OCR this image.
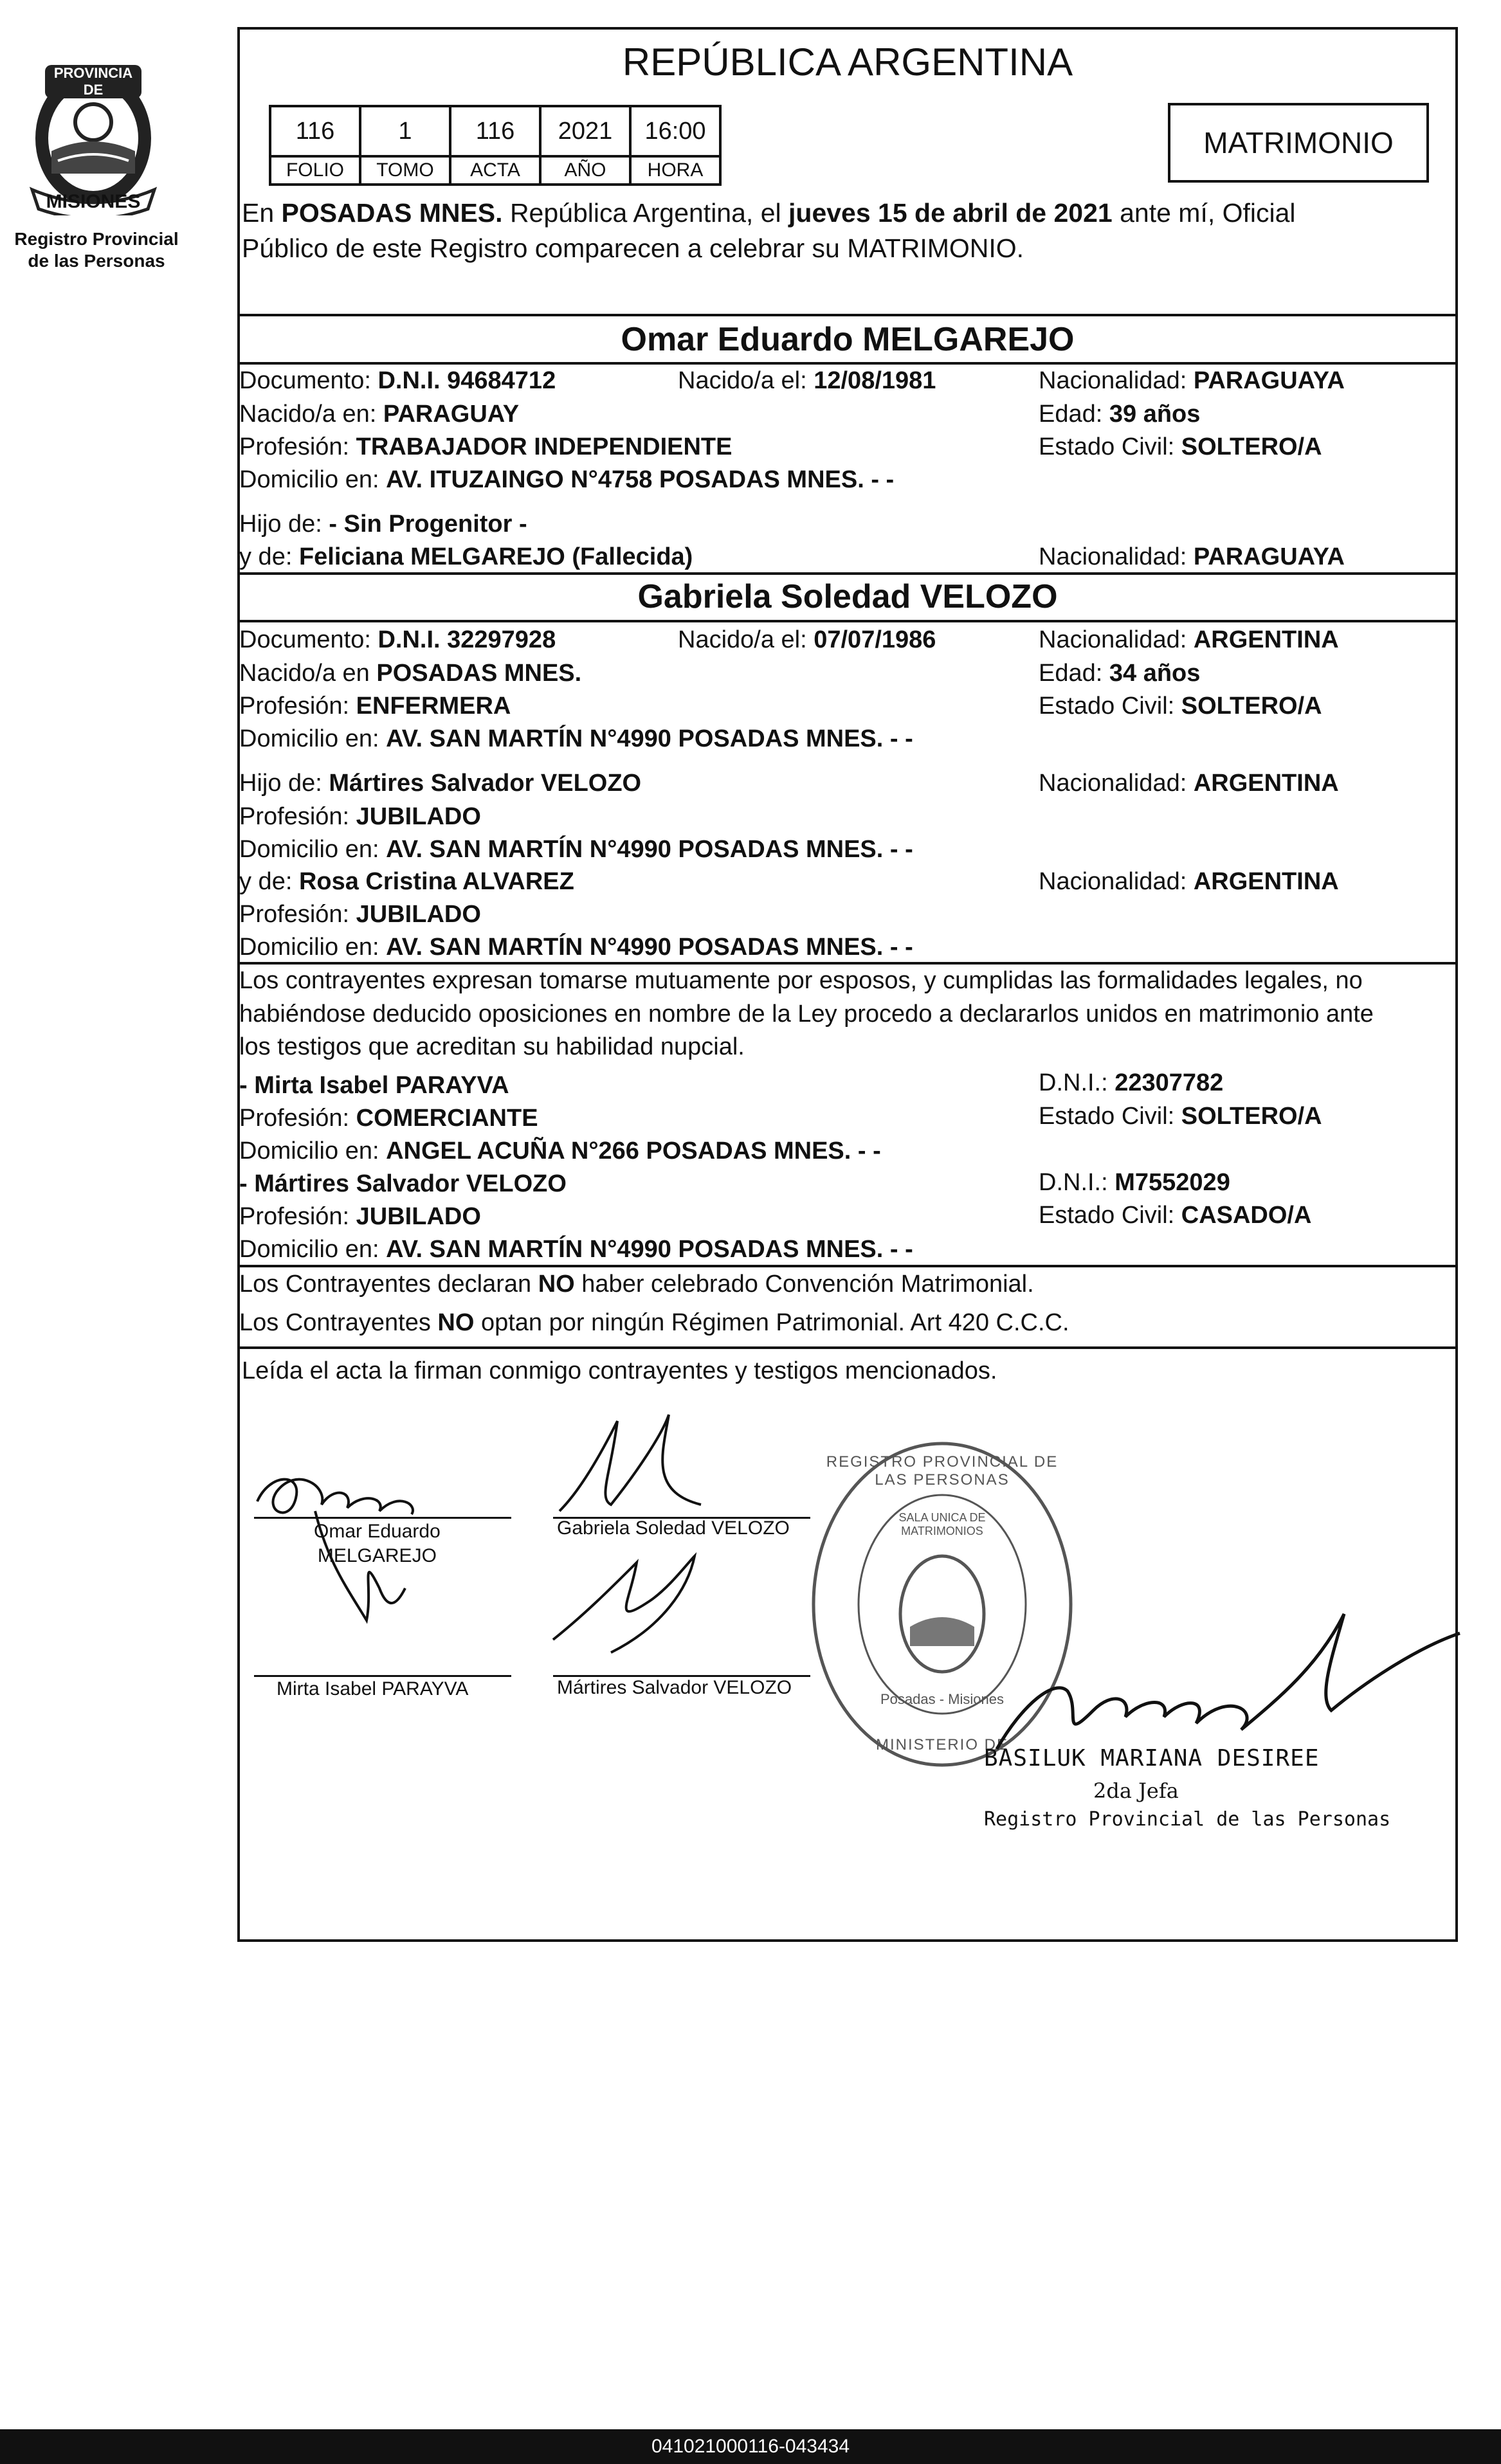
PROVINCIA DE
MISIONES
Registro Provincial
de las Personas
REPÚBLICA ARGENTINA
116	1	116	2021	16:00
FOLIO	TOMO	ACTA	AÑO	HORA
MATRIMONIO
En POSADAS MNES. República Argentina, el jueves 15 de abril de 2021 ante mí, Oficial
Público de este Registro comparecen a celebrar su MATRIMONIO.
Omar Eduardo MELGAREJO
Documento: D.N.I. 94684712	Nacido/a el: 12/08/1981	Nacionalidad: PARAGUAYA
Nacido/a en: PARAGUAY	Edad: 39 años
Profesión: TRABAJADOR INDEPENDIENTE	Estado Civil: SOLTERO/A
Domicilio en: AV. ITUZAINGO N°4758 POSADAS MNES. - -
Hijo de: - Sin Progenitor -
y de: Feliciana MELGAREJO (Fallecida)	Nacionalidad: PARAGUAYA
Gabriela Soledad VELOZO
Documento: D.N.I. 32297928	Nacido/a el: 07/07/1986	Nacionalidad: ARGENTINA
Nacido/a en POSADAS MNES.	Edad: 34 años
Profesión: ENFERMERA	Estado Civil: SOLTERO/A
Domicilio en: AV. SAN MARTÍN N°4990 POSADAS MNES. - -
Hijo de: Mártires Salvador VELOZO	Nacionalidad: ARGENTINA
Profesión: JUBILADO
Domicilio en: AV. SAN MARTÍN N°4990 POSADAS MNES. - -
y de: Rosa Cristina ALVAREZ	Nacionalidad: ARGENTINA
Profesión: JUBILADO
Domicilio en: AV. SAN MARTÍN N°4990 POSADAS MNES. - -
Los contrayentes expresan tomarse mutuamente por esposos, y cumplidas las formalidades legales, no
habiéndose deducido oposiciones en nombre de la Ley procedo a declararlos unidos en matrimonio ante
los testigos que acreditan su habilidad nupcial.
- Mirta Isabel PARAYVA	D.N.I.: 22307782
Profesión: COMERCIANTE	Estado Civil: SOLTERO/A
Domicilio en: ANGEL ACUÑA N°266 POSADAS MNES. - -
- Mártires Salvador VELOZO	D.N.I.: M7552029
Profesión: JUBILADO	Estado Civil: CASADO/A
Domicilio en: AV. SAN MARTÍN N°4990 POSADAS MNES. - -
Los Contrayentes declaran NO haber celebrado Convención Matrimonial.
Los Contrayentes NO optan por ningún Régimen Patrimonial. Art 420 C.C.C.
Leída el acta la firman conmigo contrayentes y testigos mencionados.
Omar Eduardo
MELGAREJO
Gabriela Soledad VELOZO
Mirta Isabel PARAYVA	Mártires Salvador VELOZO
REGISTRO PROVINCIAL DE LAS PERSONAS
SALA UNICA DE MATRIMONIOS
Posadas - Misiones
MINISTERIO DE
BASILUK MARIANA DESIREE
2da Jefa
Registro Provincial de las Personas
041021000116-043434
